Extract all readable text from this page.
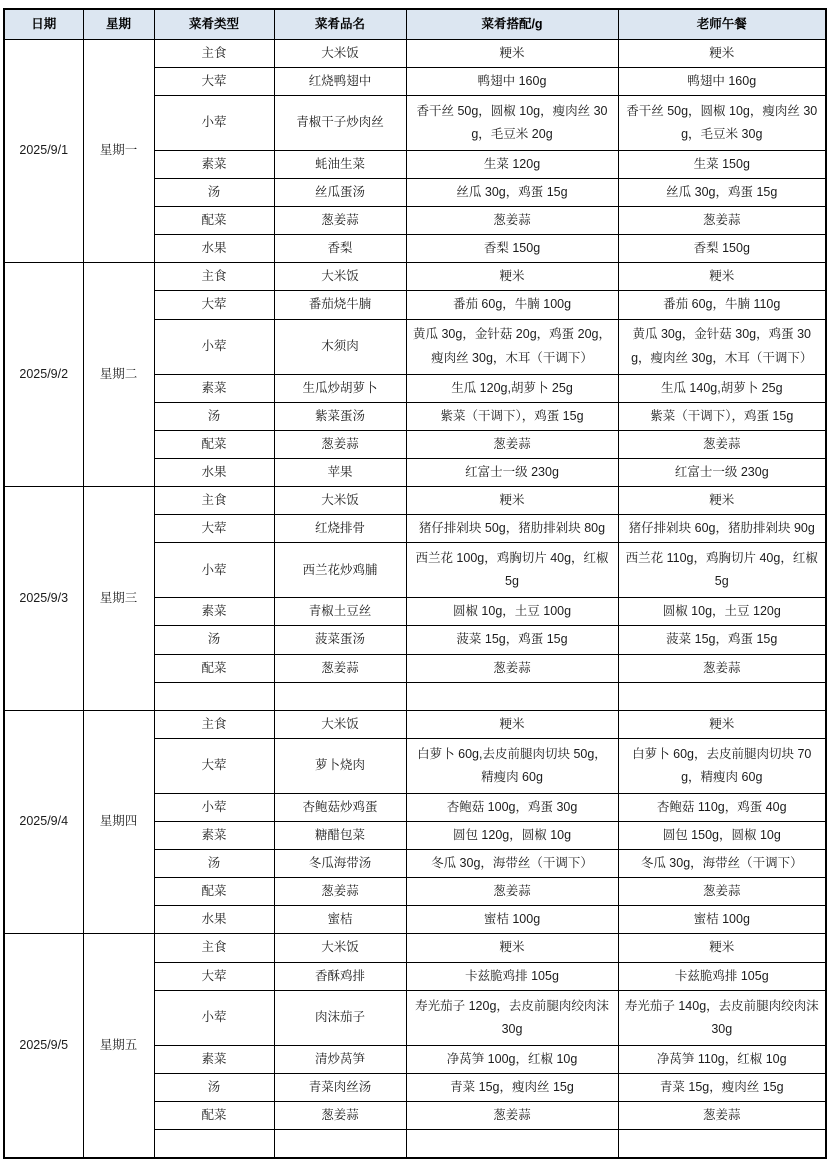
日期	星期	菜肴类型	菜肴品名	菜肴搭配/g	老师午餐
2025/9/1	星期一	主食	大米饭	粳米	粳米
		大荤	红烧鸭翅中	鸭翅中 160g	鸭翅中 160g
		小荤	青椒干子炒肉丝	香干丝 50g，圆椒 10g，瘦肉丝 30g，毛豆米 20g	香干丝 50g，圆椒 10g，瘦肉丝 30g，毛豆米 30g
		素菜	蚝油生菜	生菜 120g	生菜 150g
		汤	丝瓜蛋汤	丝瓜 30g，鸡蛋 15g	丝瓜 30g，鸡蛋 15g
		配菜	葱姜蒜	葱姜蒜	葱姜蒜
		水果	香梨	香梨 150g	香梨 150g
2025/9/2	星期二	主食	大米饭	粳米	粳米
		大荤	番茄烧牛腩	番茄 60g，牛腩 100g	番茄 60g，牛腩 110g
		小荤	木须肉	黄瓜 30g，金针菇 20g，鸡蛋 20g，瘦肉丝 30g，木耳（干调下）	黄瓜 30g，金针菇 30g，鸡蛋 30g，瘦肉丝 30g，木耳（干调下）
		素菜	生瓜炒胡萝卜	生瓜 120g,胡萝卜 25g	生瓜 140g,胡萝卜 25g
		汤	紫菜蛋汤	紫菜（干调下），鸡蛋 15g	紫菜（干调下），鸡蛋 15g
		配菜	葱姜蒜	葱姜蒜	葱姜蒜
		水果	苹果	红富士一级 230g	红富士一级 230g
2025/9/3	星期三	主食	大米饭	粳米	粳米
		大荤	红烧排骨	猪仔排剁块 50g，猪肋排剁块 80g	猪仔排剁块 60g，猪肋排剁块 90g
		小荤	西兰花炒鸡脯	西兰花 100g，鸡胸切片 40g，红椒 5g	西兰花 110g，鸡胸切片 40g，红椒 5g
		素菜	青椒土豆丝	圆椒 10g，土豆 100g	圆椒 10g，土豆 120g
		汤	菠菜蛋汤	菠菜 15g，鸡蛋 15g	菠菜 15g，鸡蛋 15g
		配菜	葱姜蒜	葱姜蒜	葱姜蒜

2025/9/4	星期四	主食	大米饭	粳米	粳米
		大荤	萝卜烧肉	白萝卜 60g,去皮前腿肉切块 50g，精瘦肉 60g	白萝卜 60g，去皮前腿肉切块 70g，精瘦肉 60g
		小荤	杏鲍菇炒鸡蛋	杏鲍菇 100g，鸡蛋 30g	杏鲍菇 110g，鸡蛋 40g
		素菜	糖醋包菜	圆包 120g，圆椒 10g	圆包 150g，圆椒 10g
		汤	冬瓜海带汤	冬瓜 30g，海带丝（干调下）	冬瓜 30g，海带丝（干调下）
		配菜	葱姜蒜	葱姜蒜	葱姜蒜
		水果	蜜桔	蜜桔 100g	蜜桔 100g
2025/9/5	星期五	主食	大米饭	粳米	粳米
		大荤	香酥鸡排	卡兹脆鸡排 105g	卡兹脆鸡排 105g
		小荤	肉沫茄子	寿光茄子 120g，去皮前腿肉绞肉沫 30g	寿光茄子 140g，去皮前腿肉绞肉沫 30g
		素菜	清炒莴笋	净莴笋 100g，红椒 10g	净莴笋 110g，红椒 10g
		汤	青菜肉丝汤	青菜 15g，瘦肉丝 15g	青菜 15g，瘦肉丝 15g
		配菜	葱姜蒜	葱姜蒜	葱姜蒜
